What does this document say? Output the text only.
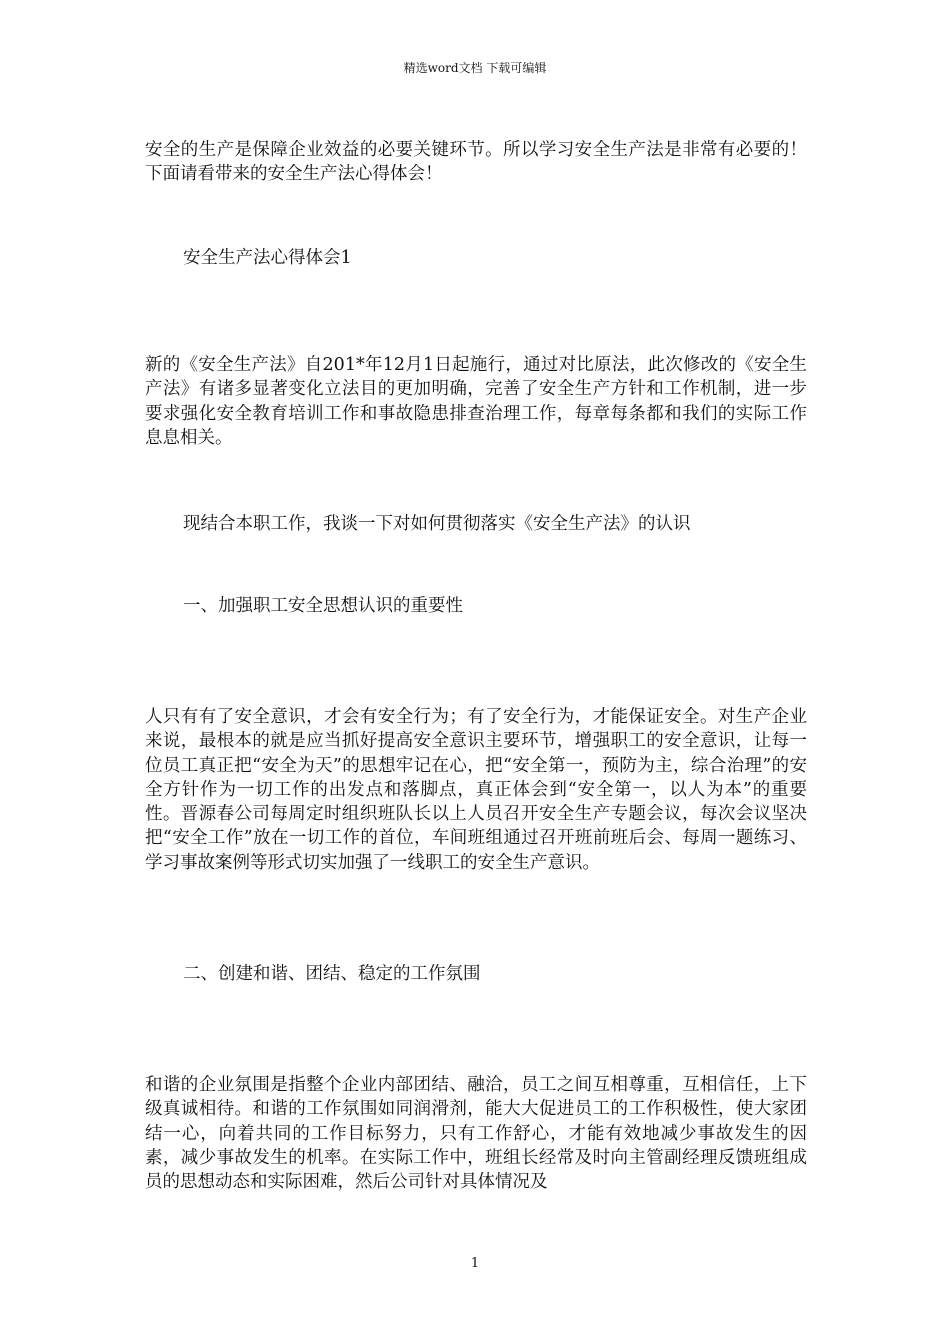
精选word文档 下载可编辑

安全的生产是保障企业效益的必要关键环节。所以学习安全生产法是非常有必要的！下面请看带来的安全生产法心得体会！

安全生产法心得体会1

新的《安全生产法》自201*年12月1日起施行，通过对比原法，此次修改的《安全生产法》有诸多显著变化立法目的更加明确，完善了安全生产方针和工作机制，进一步要求强化安全教育培训工作和事故隐患排查治理工作，每章每条都和我们的实际工作息息相关。

现结合本职工作，我谈一下对如何贯彻落实《安全生产法》的认识

一、加强职工安全思想认识的重要性

人只有有了安全意识，才会有安全行为；有了安全行为，才能保证安全。对生产企业来说，最根本的就是应当抓好提高安全意识主要环节，增强职工的安全意识，让每一位员工真正把“安全为天”的思想牢记在心，把“安全第一，预防为主，综合治理”的安全方针作为一切工作的出发点和落脚点，真正体会到“安全第一，以人为本”的重要性。晋源春公司每周定时组织班队长以上人员召开安全生产专题会议，每次会议坚决把“安全工作”放在一切工作的首位，车间班组通过召开班前班后会、每周一题练习、学习事故案例等形式切实加强了一线职工的安全生产意识。

二、创建和谐、团结、稳定的工作氛围

和谐的企业氛围是指整个企业内部团结、融洽，员工之间互相尊重，互相信任，上下级真诚相待。和谐的工作氛围如同润滑剂，能大大促进员工的工作积极性，使大家团结一心，向着共同的工作目标努力，只有工作舒心，才能有效地减少事故发生的因素，减少事故发生的机率。在实际工作中，班组长经常及时向主管副经理反馈班组成员的思想动态和实际困难，然后公司针对具体情况及

1
